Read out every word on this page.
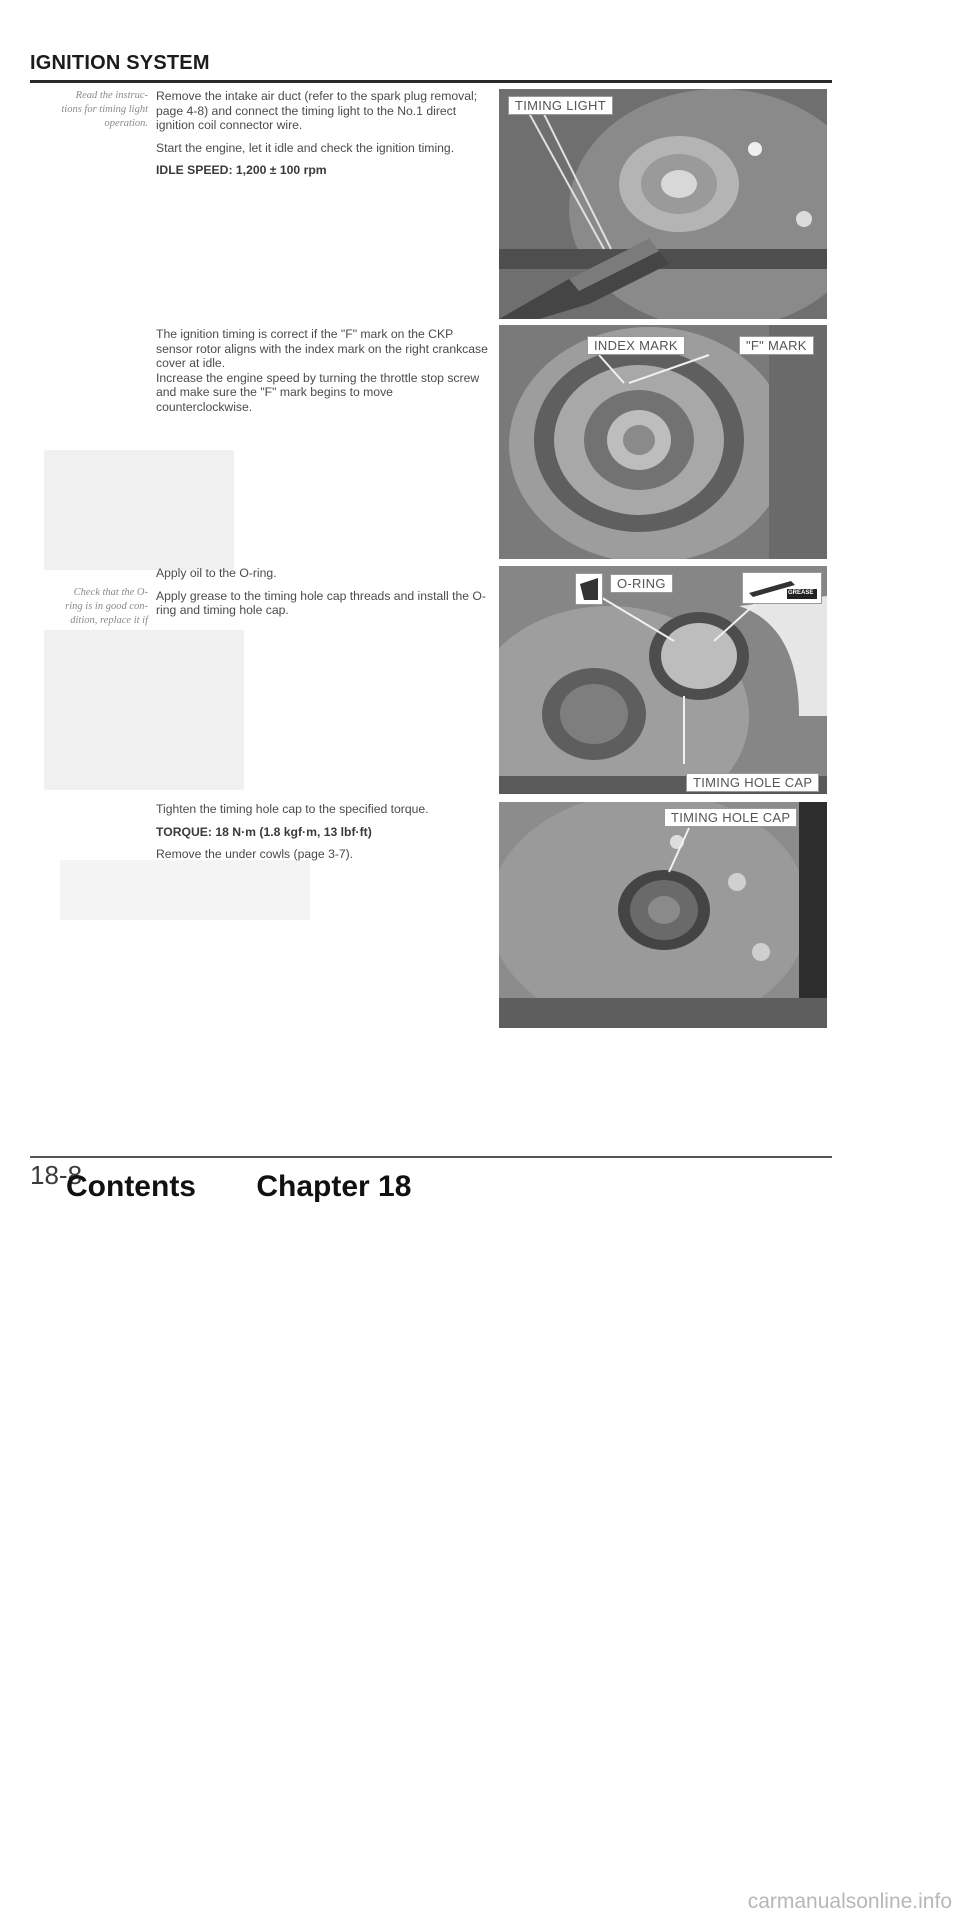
IGNITION SYSTEM
Read the instruc-
tions for timing light
operation.
Check that the O-
ring is in good con-
dition, replace it if

Remove the intake air duct (refer to the spark plug removal; page 4-8) and connect the timing light to the No.1 direct ignition coil connector wire.

Start the engine, let it idle and check the ignition timing.

IDLE SPEED: 1,200 ± 100 rpm

The ignition timing is correct if the "F" mark on the CKP sensor rotor aligns with the index mark on the right crankcase cover at idle.

Increase the engine speed by turning the throttle stop screw and make sure the "F" mark begins to move counterclockwise.

Apply oil to the O-ring.

Apply grease to the timing hole cap threads and install the O-ring and timing hole cap.

Tighten the timing hole cap to the specified torque.

TORQUE: 18 N·m (1.8 kgf·m, 13 lbf·ft)

Remove the under cowls (page 3-7).

TIMING LIGHT
INDEX MARK	"F" MARK
O-RING
GREASE
TIMING HOLE CAP
TIMING HOLE CAP
18-8
Contents Chapter 18
carmanualsonline.info
